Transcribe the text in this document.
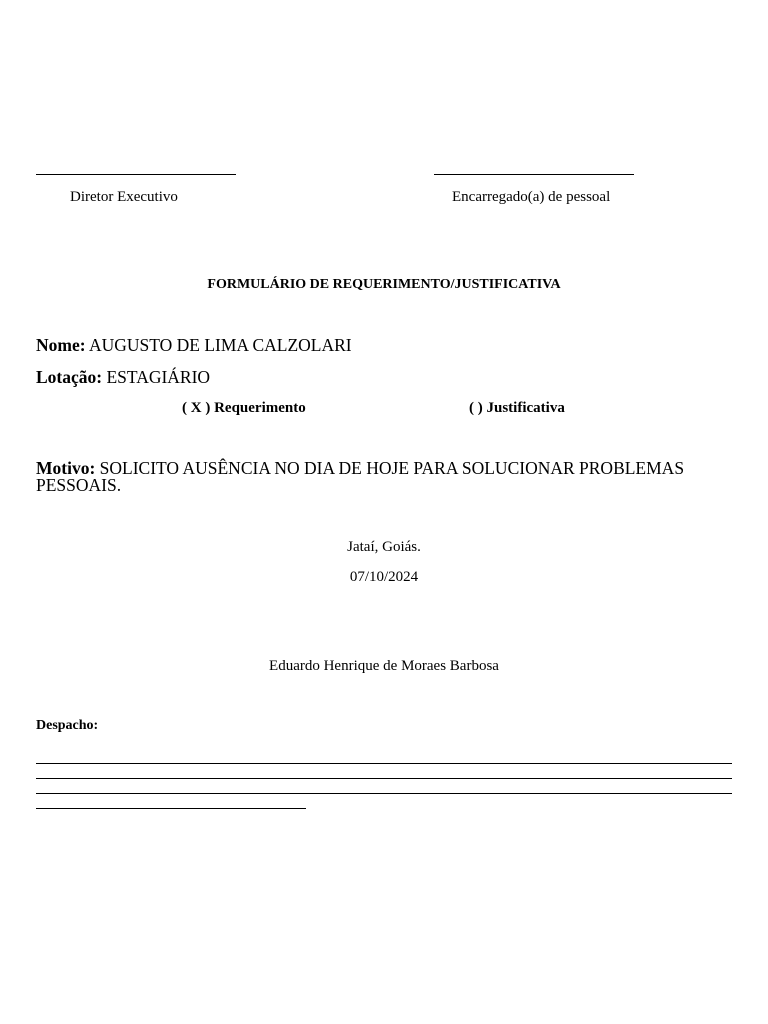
Diretor Executivo	Encarregado(a) de pessoal
FORMULÁRIO DE REQUERIMENTO/JUSTIFICATIVA
Nome: AUGUSTO DE LIMA CALZOLARI
Lotação: ESTAGIÁRIO
( X ) Requerimento	( ) Justificativa
Motivo: SOLICITO AUSÊNCIA NO DIA DE HOJE PARA SOLUCIONAR PROBLEMAS PESSOAIS.
Jataí, Goiás.
07/10/2024
Eduardo Henrique de Moraes Barbosa
Despacho:
